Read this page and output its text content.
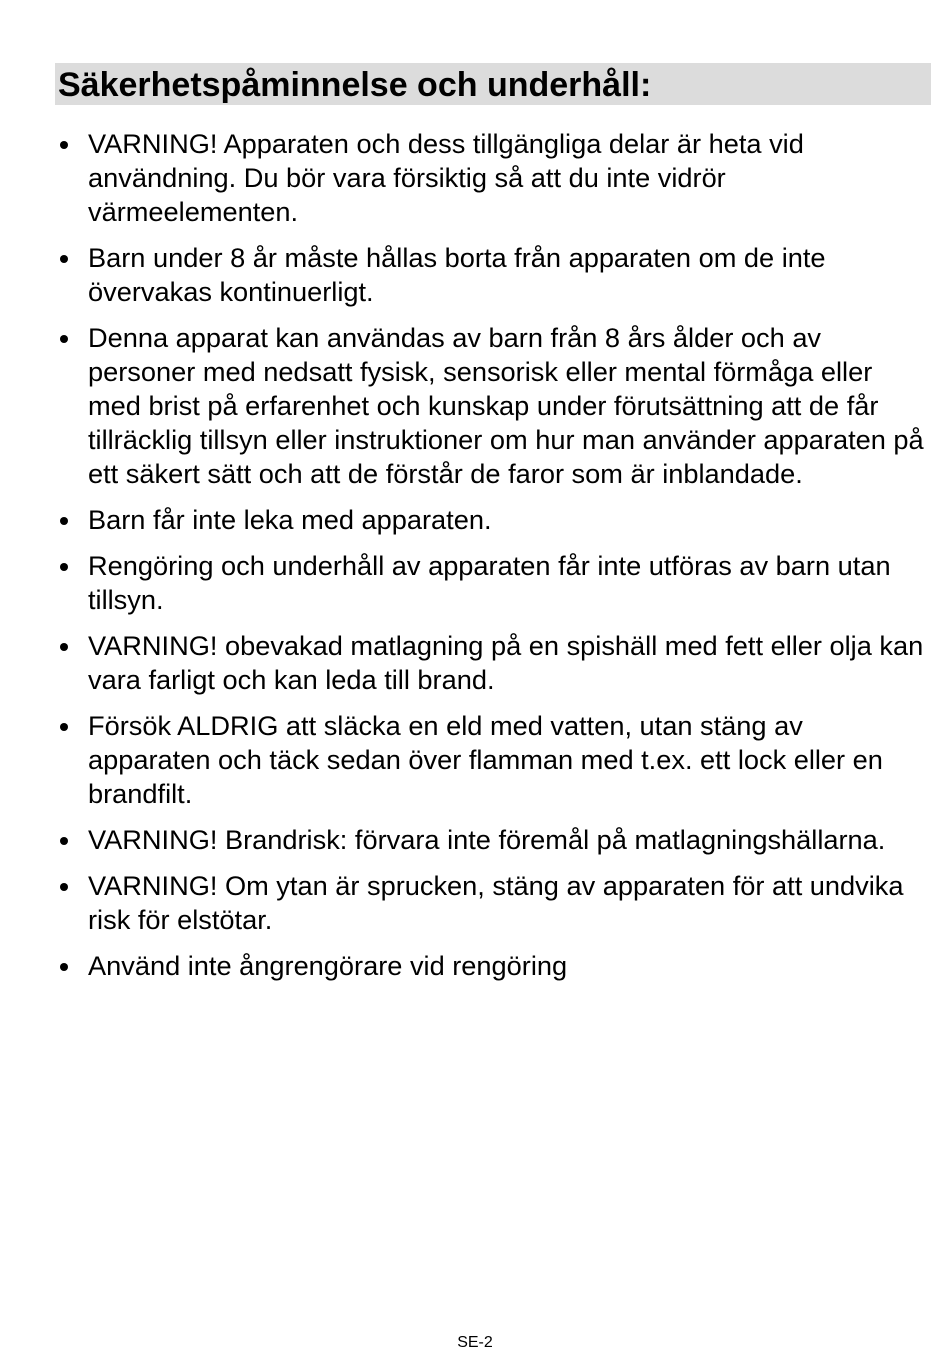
Säkerhetspåminnelse och underhåll:
VARNING! Apparaten och dess tillgängliga delar är heta vid användning. Du bör vara försiktig så att du inte vidrör värmeelementen.
Barn under 8 år måste hållas borta från apparaten om de inte övervakas kontinuerligt.
Denna apparat kan användas av barn från 8 års ålder och av personer med nedsatt fysisk, sensorisk eller mental förmåga eller med brist på erfarenhet och kunskap under förutsättning att de får tillräcklig tillsyn eller instruktioner om hur man använder apparaten på ett säkert sätt och att de förstår de faror som är inblandade.
Barn får inte leka med apparaten.
Rengöring och underhåll av apparaten får inte utföras av barn utan tillsyn.
VARNING! obevakad matlagning på en spishäll med fett eller olja kan vara farligt och kan leda till brand.
Försök ALDRIG att släcka en eld med vatten, utan stäng av apparaten och täck sedan över flamman med t.ex. ett lock eller en brandfilt.
VARNING! Brandrisk: förvara inte föremål på matlagningshällarna.
VARNING! Om ytan är sprucken, stäng av apparaten för att undvika risk för elstötar.
Använd inte ångrengörare vid rengöring
SE-2
